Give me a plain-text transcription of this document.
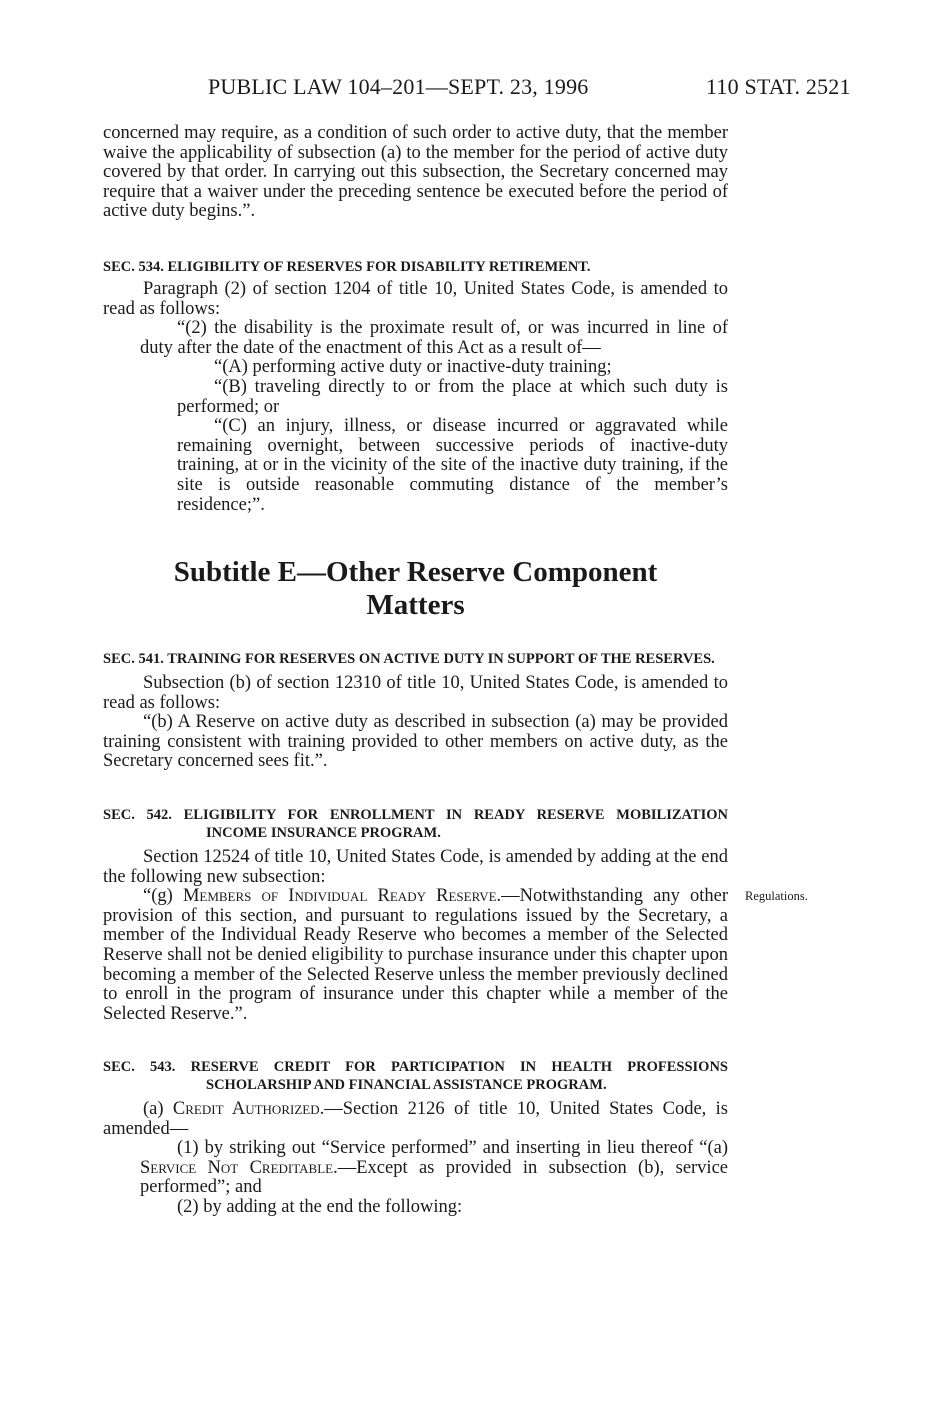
PUBLIC LAW 104–201—SEPT. 23, 1996	110 STAT. 2521

concerned may require, as a condition of such order to active duty, that the member waive the applicability of subsection (a) to the member for the period of active duty covered by that order. In carrying out this subsection, the Secretary concerned may require that a waiver under the preceding sentence be executed before the period of active duty begins.”.

SEC. 534. ELIGIBILITY OF RESERVES FOR DISABILITY RETIREMENT.

Paragraph (2) of section 1204 of title 10, United States Code, is amended to read as follows:

“(2) the disability is the proximate result of, or was incurred in line of duty after the date of the enactment of this Act as a result of—

“(A) performing active duty or inactive-duty training;

“(B) traveling directly to or from the place at which such duty is performed; or

“(C) an injury, illness, or disease incurred or aggravated while remaining overnight, between successive periods of inactive-duty training, at or in the vicinity of the site of the inactive duty training, if the site is outside reasonable commuting distance of the member’s residence;”.

Subtitle E—Other Reserve Component
Matters
SEC. 541. TRAINING FOR RESERVES ON ACTIVE DUTY IN SUPPORT OF THE RESERVES.

Subsection (b) of section 12310 of title 10, United States Code, is amended to read as follows:

“(b) A Reserve on active duty as described in subsection (a) may be provided training consistent with training provided to other members on active duty, as the Secretary concerned sees fit.”.

SEC. 542. ELIGIBILITY FOR ENROLLMENT IN READY RESERVE MOBILIZATION INCOME INSURANCE PROGRAM.

Section 12524 of title 10, United States Code, is amended by adding at the end the following new subsection:

“(g) Members of Individual Ready Reserve.—Notwithstanding any other provision of this section, and pursuant to regulations issued by the Secretary, a member of the Individual Ready Reserve who becomes a member of the Selected Reserve shall not be denied eligibility to purchase insurance under this chapter upon becoming a member of the Selected Reserve unless the member previously declined to enroll in the program of insurance under this chapter while a member of the Selected Reserve.”.

Regulations.
SEC. 543. RESERVE CREDIT FOR PARTICIPATION IN HEALTH PROFESSIONS SCHOLARSHIP AND FINANCIAL ASSISTANCE PROGRAM.

(a) Credit Authorized.—Section 2126 of title 10, United States Code, is amended—

(1) by striking out “Service performed” and inserting in lieu thereof “(a) Service Not Creditable.—Except as provided in subsection (b), service performed”; and

(2) by adding at the end the following:
